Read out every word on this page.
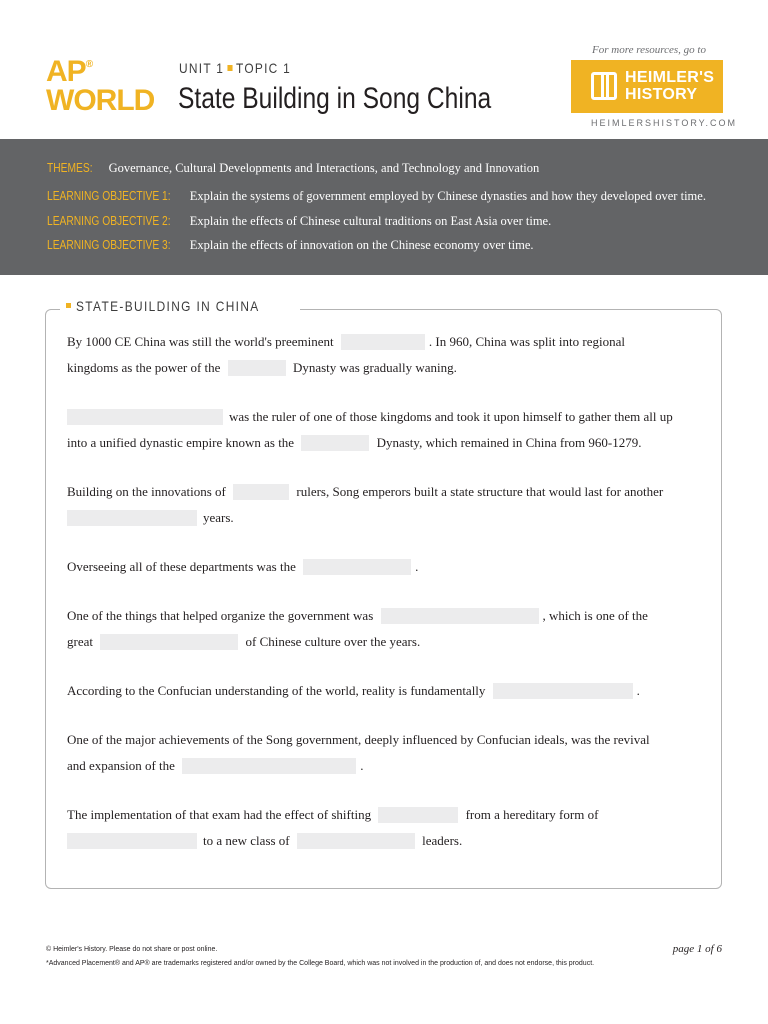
AP®
WORLD
UNIT 1 TOPIC 1
State Building in Song China
For more resources, go to
HEIMLER'S
HISTORY
HEIMLERSHISTORY.COM
THEMES: Governance, Cultural Developments and Interactions, and Technology and Innovation
LEARNING OBJECTIVE 1: Explain the systems of government employed by Chinese dynasties and how they developed over time.
LEARNING OBJECTIVE 2: Explain the effects of Chinese cultural traditions on East Asia over time.
LEARNING OBJECTIVE 3: Explain the effects of innovation on the Chinese economy over time.
STATE-BUILDING IN CHINA
By 1000 CE China was still the world's preeminent	. In 960, China was split into regional
kingdoms as the power of the	Dynasty was gradually waning.
was the ruler of one of those kingdoms and took it upon himself to gather them all up
into a unified dynastic empire known as the	Dynasty, which remained in China from 960-1279.
Building on the innovations of	rulers, Song emperors built a state structure that would last for another
years.
Overseeing all of these departments was the	.
One of the things that helped organize the government was	, which is one of the
great	of Chinese culture over the years.
According to the Confucian understanding of the world, reality is fundamentally	.
One of the major achievements of the Song government, deeply influenced by Confucian ideals, was the revival
and expansion of the	.
The implementation of that exam had the effect of shifting	from a hereditary form of
to a new class of	leaders.
© Heimler's History. Please do not share or post online.
*Advanced Placement® and AP® are trademarks registered and/or owned by the College Board, which was not involved in the production of, and does not endorse, this product.
page 1 of 6
